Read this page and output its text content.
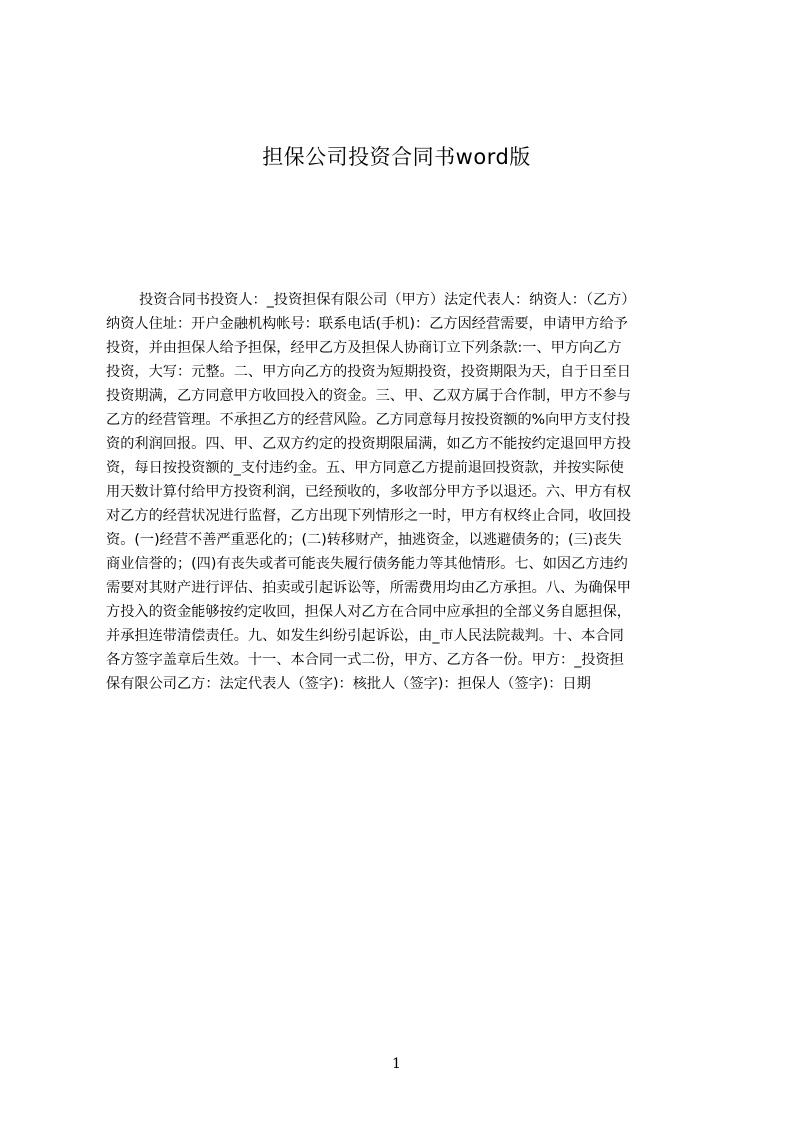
担保公司投资合同书word版
投资合同书投资人：_投资担保有限公司（甲方）法定代表人：纳资人：（乙方）
纳资人住址：开户金融机构帐号：联系电话(手机)：乙方因经营需要，申请甲方给予
投资，并由担保人给予担保，经甲乙方及担保人协商订立下列条款:一、甲方向乙方
投资，大写：元整。二、甲方向乙方的投资为短期投资，投资期限为天，自于日至日
投资期满，乙方同意甲方收回投入的资金。三、甲、乙双方属于合作制，甲方不参与
乙方的经营管理。不承担乙方的经营风险。乙方同意每月按投资额的%向甲方支付投
资的利润回报。四、甲、乙双方约定的投资期限届满，如乙方不能按约定退回甲方投
资，每日按投资额的_支付违约金。五、甲方同意乙方提前退回投资款，并按实际使
用天数计算付给甲方投资利润，已经预收的，多收部分甲方予以退还。六、甲方有权
对乙方的经营状况进行监督，乙方出现下列情形之一时，甲方有权终止合同，收回投
资。(一)经营不善严重恶化的；(二)转移财产，抽逃资金，以逃避债务的；(三)丧失
商业信誉的；(四)有丧失或者可能丧失履行债务能力等其他情形。七、如因乙方违约
需要对其财产进行评估、拍卖或引起诉讼等，所需费用均由乙方承担。八、为确保甲
方投入的资金能够按约定收回，担保人对乙方在合同中应承担的全部义务自愿担保，
并承担连带清偿责任。九、如发生纠纷引起诉讼，由_市人民法院裁判。十、本合同
各方签字盖章后生效。十一、本合同一式二份，甲方、乙方各一份。甲方：_投资担
保有限公司乙方：法定代表人（签字)：核批人（签字)：担保人（签字)：日期
1
